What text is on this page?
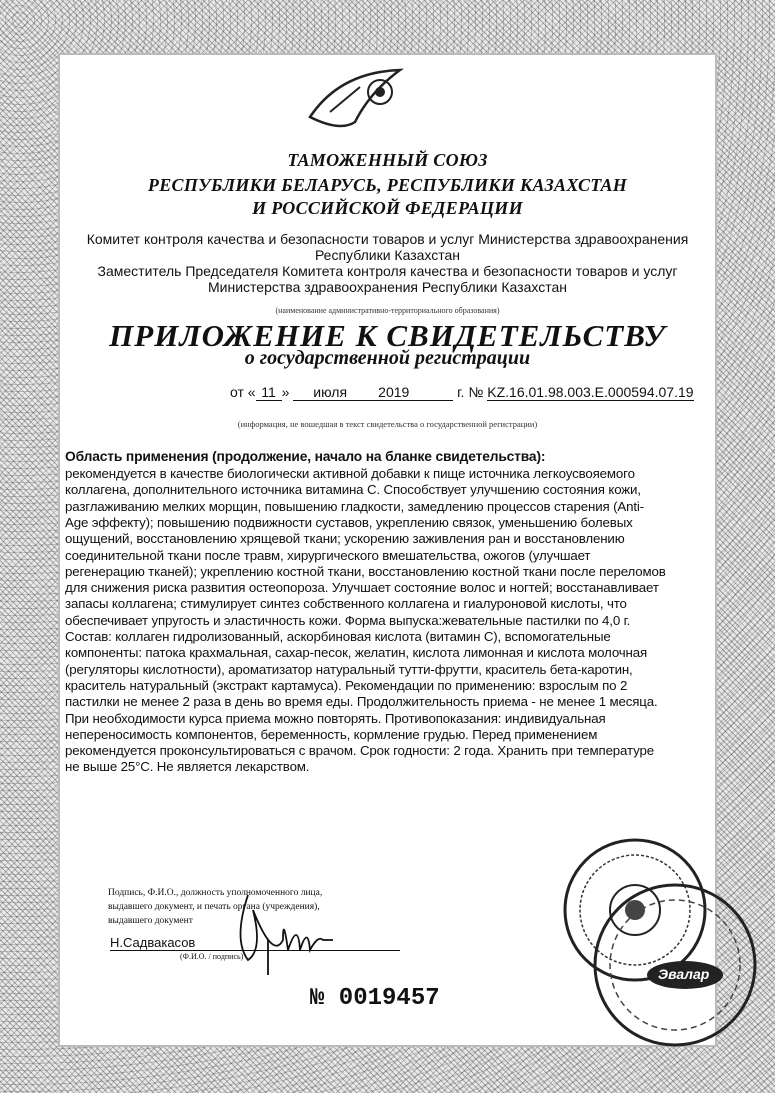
ТАМОЖЕННЫЙ СОЮЗ
РЕСПУБЛИКИ БЕЛАРУСЬ, РЕСПУБЛИКИ КАЗАХСТАН
И РОССИЙСКОЙ ФЕДЕРАЦИИ
Комитет контроля качества и безопасности товаров и услуг Министерства здравоохранения
Республики Казахстан
Заместитель Председателя Комитета контроля качества и безопасности товаров и услуг
Министерства здравоохранения Республики Казахстан
(наименование административно-территориального образования)
ПРИЛОЖЕНИЕ К СВИДЕТЕЛЬСТВУ
о государственной регистрации
от « 11 » июля 2019	г. № KZ.16.01.98.003.E.000594.07.19
(информация, не вошедшая в текст свидетельства о государственной регистрации)
Область применения (продолжение, начало на бланке свидетельства):
рекомендуется в качестве биологически активной добавки к пище источника легкоусвояемого
коллагена, дополнительного источника витамина С. Способствует улучшению состояния кожи,
разглаживанию мелких морщин, повышению гладкости, замедлению процессов старения (Anti-
Age эффекту); повышению подвижности суставов, укреплению связок, уменьшению болевых
ощущений, восстановлению хрящевой ткани; ускорению заживления ран и восстановлению
соединительной ткани после травм, хирургического вмешательства, ожогов (улучшает
регенерацию тканей); укреплению костной ткани, восстановлению костной ткани после переломов
для снижения риска развития остеопороза. Улучшает состояние волос и ногтей; восстанавливает
запасы коллагена; стимулирует синтез собственного коллагена и гиалуроновой кислоты, что
обеспечивает упругость и эластичность кожи. Форма выпуска:жевательные пастилки по 4,0 г.
Состав: коллаген гидролизованный, аскорбиновая кислота (витамин С), вспомогательные
компоненты: патока крахмальная, сахар-песок, желатин, кислота лимонная и кислота молочная
(регуляторы кислотности), ароматизатор натуральный тутти-фрутти, краситель бета-каротин,
краситель натуральный (экстракт картамуса). Рекомендации по применению: взрослым по 2
пастилки не менее 2 раза в день во время еды. Продолжительность приема - не менее 1 месяца.
При необходимости курса приема можно повторять. Противопоказания: индивидуальная
непереносимость компонентов, беременность, кормление грудью. Перед применением
рекомендуется проконсультироваться с врачом. Срок годности: 2 года. Хранить при температуре
не выше 25°С. Не является лекарством.
Подпись, Ф.И.О., должность уполномоченного лица,
выдавшего документ, и печать органа (учреждения),
выдавшего документ
Н.Садвакасов
(Ф.И.О. / подпись)
№ 0019457
Эвалар
